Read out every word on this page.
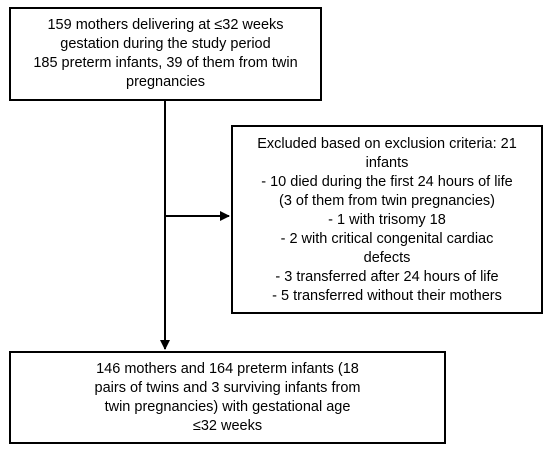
159 mothers delivering at ≤32 weeks
gestation during the study period
185 preterm infants, 39 of them from twin
pregnancies
Excluded based on exclusion criteria: 21
infants
- 10 died during the first 24 hours of life
(3 of them from twin pregnancies)
- 1 with trisomy 18
- 2 with critical congenital cardiac
defects
- 3 transferred after 24 hours of life
- 5 transferred without their mothers
146 mothers and 164 preterm infants (18
pairs of twins and 3 surviving infants from
twin pregnancies) with gestational age
≤32 weeks
